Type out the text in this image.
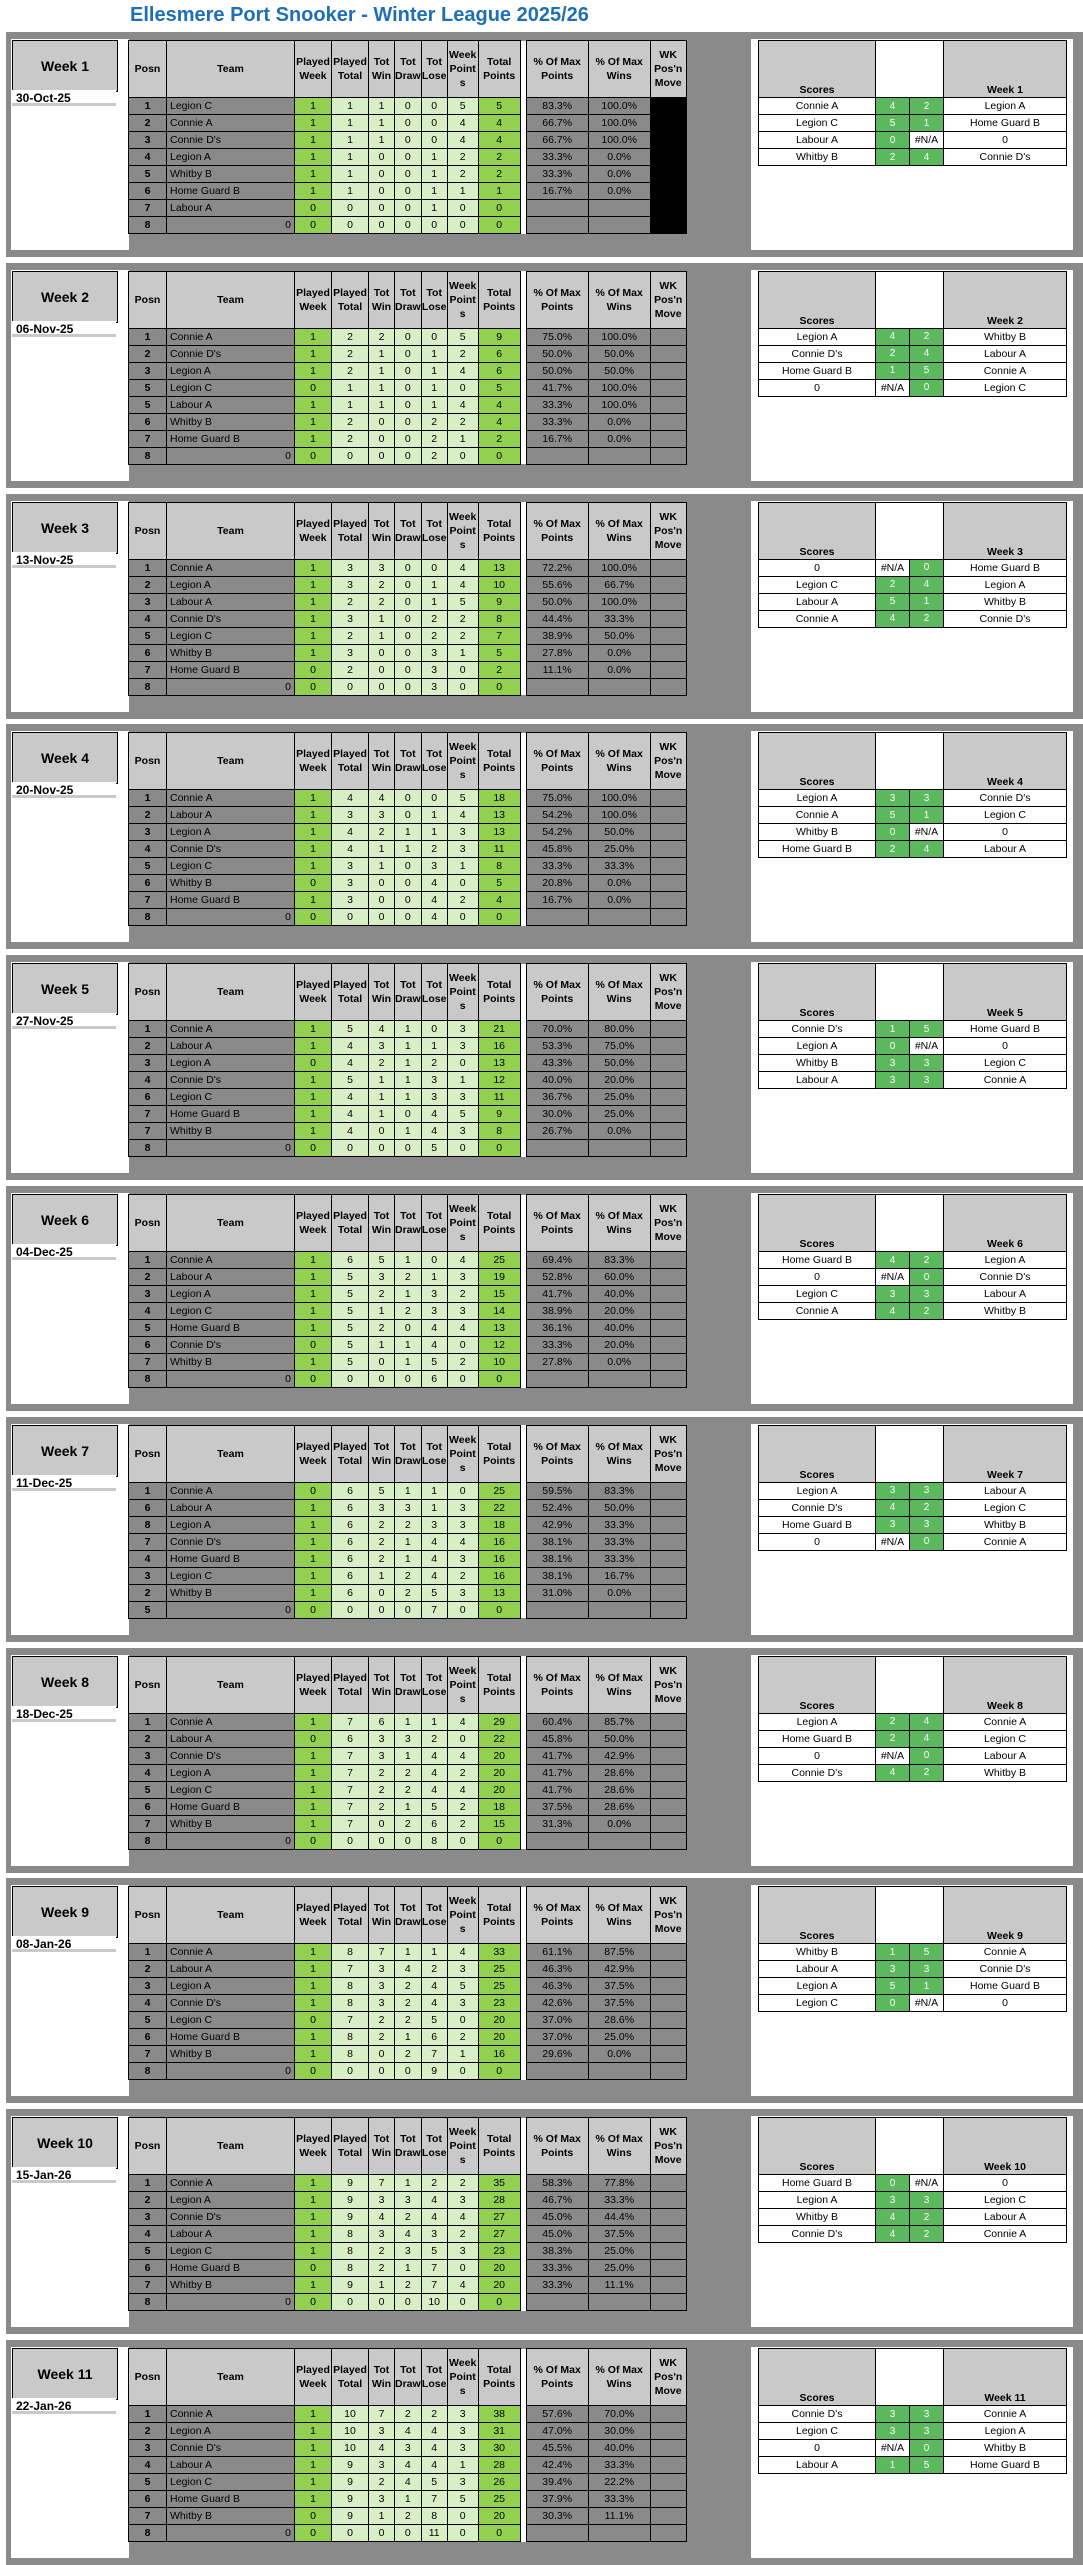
Ellesmere Port Snooker - Winter League 2025/26
Week 1
30-Oct-25
Posn	Team	Played Week	Played Total	Tot Win	Tot Draw	Tot Lose	Week Point s	Total Points		% Of Max Points	% Of Max Wins	WK Pos'n Move
1	Legion C	1	1	1	0	0	5	5		83.3%	100.0%	
2	Connie A	1	1	1	0	0	4	4		66.7%	100.0%	
3	Connie D's	1	1	1	0	0	4	4		66.7%	100.0%	
4	Legion A	1	1	0	0	1	2	2		33.3%	0.0%	
5	Whitby B	1	1	0	0	1	2	2		33.3%	0.0%	
6	Home Guard B	1	1	0	0	1	1	1		16.7%	0.0%	
7	Labour A	0	0	0	0	1	0	0				
8	0	0	0	0	0	0	0	0				
Scores			Week 1
Connie A	4	2	Legion A
Legion C	5	1	Home Guard B
Labour A	0	#N/A	0
Whitby B	2	4	Connie D's
Week 2
06-Nov-25
Posn	Team	Played Week	Played Total	Tot Win	Tot Draw	Tot Lose	Week Point s	Total Points		% Of Max Points	% Of Max Wins	WK Pos'n Move
1	Connie A	1	2	2	0	0	5	9		75.0%	100.0%	
2	Connie D's	1	2	1	0	1	2	6		50.0%	50.0%	
3	Legion A	1	2	1	0	1	4	6		50.0%	50.0%	
5	Legion C	0	1	1	0	1	0	5		41.7%	100.0%	
5	Labour A	1	1	1	0	1	4	4		33.3%	100.0%	
6	Whitby B	1	2	0	0	2	2	4		33.3%	0.0%	
7	Home Guard B	1	2	0	0	2	1	2		16.7%	0.0%	
8	0	0	0	0	0	2	0	0				
Scores			Week 2
Legion A	4	2	Whitby B
Connie D's	2	4	Labour A
Home Guard B	1	5	Connie A
0	#N/A	0	Legion C
Week 3
13-Nov-25
Posn	Team	Played Week	Played Total	Tot Win	Tot Draw	Tot Lose	Week Point s	Total Points		% Of Max Points	% Of Max Wins	WK Pos'n Move
1	Connie A	1	3	3	0	0	4	13		72.2%	100.0%	
2	Legion A	1	3	2	0	1	4	10		55.6%	66.7%	
3	Labour A	1	2	2	0	1	5	9		50.0%	100.0%	
4	Connie D's	1	3	1	0	2	2	8		44.4%	33.3%	
5	Legion C	1	2	1	0	2	2	7		38.9%	50.0%	
6	Whitby B	1	3	0	0	3	1	5		27.8%	0.0%	
7	Home Guard B	0	2	0	0	3	0	2		11.1%	0.0%	
8	0	0	0	0	0	3	0	0				
Scores			Week 3
0	#N/A	0	Home Guard B
Legion C	2	4	Legion A
Labour A	5	1	Whitby B
Connie A	4	2	Connie D's
Week 4
20-Nov-25
Posn	Team	Played Week	Played Total	Tot Win	Tot Draw	Tot Lose	Week Point s	Total Points		% Of Max Points	% Of Max Wins	WK Pos'n Move
1	Connie A	1	4	4	0	0	5	18		75.0%	100.0%	
2	Labour A	1	3	3	0	1	4	13		54.2%	100.0%	
3	Legion A	1	4	2	1	1	3	13		54.2%	50.0%	
4	Connie D's	1	4	1	1	2	3	11		45.8%	25.0%	
5	Legion C	1	3	1	0	3	1	8		33.3%	33.3%	
6	Whitby B	0	3	0	0	4	0	5		20.8%	0.0%	
7	Home Guard B	1	3	0	0	4	2	4		16.7%	0.0%	
8	0	0	0	0	0	4	0	0				
Scores			Week 4
Legion A	3	3	Connie D's
Connie A	5	1	Legion C
Whitby B	0	#N/A	0
Home Guard B	2	4	Labour A
Week 5
27-Nov-25
Posn	Team	Played Week	Played Total	Tot Win	Tot Draw	Tot Lose	Week Point s	Total Points		% Of Max Points	% Of Max Wins	WK Pos'n Move
1	Connie A	1	5	4	1	0	3	21		70.0%	80.0%	
2	Labour A	1	4	3	1	1	3	16		53.3%	75.0%	
3	Legion A	0	4	2	1	2	0	13		43.3%	50.0%	
4	Connie D's	1	5	1	1	3	1	12		40.0%	20.0%	
6	Legion C	1	4	1	1	3	3	11		36.7%	25.0%	
7	Home Guard B	1	4	1	0	4	5	9		30.0%	25.0%	
7	Whitby B	1	4	0	1	4	3	8		26.7%	0.0%	
8	0	0	0	0	0	5	0	0				
Scores			Week 5
Connie D's	1	5	Home Guard B
Legion A	0	#N/A	0
Whitby B	3	3	Legion C
Labour A	3	3	Connie A
Week 6
04-Dec-25
Posn	Team	Played Week	Played Total	Tot Win	Tot Draw	Tot Lose	Week Point s	Total Points		% Of Max Points	% Of Max Wins	WK Pos'n Move
1	Connie A	1	6	5	1	0	4	25		69.4%	83.3%	
2	Labour A	1	5	3	2	1	3	19		52.8%	60.0%	
3	Legion A	1	5	2	1	3	2	15		41.7%	40.0%	
4	Legion C	1	5	1	2	3	3	14		38.9%	20.0%	
5	Home Guard B	1	5	2	0	4	4	13		36.1%	40.0%	
6	Connie D's	0	5	1	1	4	0	12		33.3%	20.0%	
7	Whitby B	1	5	0	1	5	2	10		27.8%	0.0%	
8	0	0	0	0	0	6	0	0				
Scores			Week 6
Home Guard B	4	2	Legion A
0	#N/A	0	Connie D's
Legion C	3	3	Labour A
Connie A	4	2	Whitby B
Week 7
11-Dec-25
Posn	Team	Played Week	Played Total	Tot Win	Tot Draw	Tot Lose	Week Point s	Total Points		% Of Max Points	% Of Max Wins	WK Pos'n Move
1	Connie A	0	6	5	1	1	0	25		59.5%	83.3%	
6	Labour A	1	6	3	3	1	3	22		52.4%	50.0%	
8	Legion A	1	6	2	2	3	3	18		42.9%	33.3%	
7	Connie D's	1	6	2	1	4	4	16		38.1%	33.3%	
4	Home Guard B	1	6	2	1	4	3	16		38.1%	33.3%	
3	Legion C	1	6	1	2	4	2	16		38.1%	16.7%	
2	Whitby B	1	6	0	2	5	3	13		31.0%	0.0%	
5	0	0	0	0	0	7	0	0				
Scores			Week 7
Legion A	3	3	Labour A
Connie D's	4	2	Legion C
Home Guard B	3	3	Whitby B
0	#N/A	0	Connie A
Week 8
18-Dec-25
Posn	Team	Played Week	Played Total	Tot Win	Tot Draw	Tot Lose	Week Point s	Total Points		% Of Max Points	% Of Max Wins	WK Pos'n Move
1	Connie A	1	7	6	1	1	4	29		60.4%	85.7%	
2	Labour A	0	6	3	3	2	0	22		45.8%	50.0%	
3	Connie D's	1	7	3	1	4	4	20		41.7%	42.9%	
4	Legion A	1	7	2	2	4	2	20		41.7%	28.6%	
5	Legion C	1	7	2	2	4	4	20		41.7%	28.6%	
6	Home Guard B	1	7	2	1	5	2	18		37.5%	28.6%	
7	Whitby B	1	7	0	2	6	2	15		31.3%	0.0%	
8	0	0	0	0	0	8	0	0				
Scores			Week 8
Legion A	2	4	Connie A
Home Guard B	2	4	Legion C
0	#N/A	0	Labour A
Connie D's	4	2	Whitby B
Week 9
08-Jan-26
Posn	Team	Played Week	Played Total	Tot Win	Tot Draw	Tot Lose	Week Point s	Total Points		% Of Max Points	% Of Max Wins	WK Pos'n Move
1	Connie A	1	8	7	1	1	4	33		61.1%	87.5%	
2	Labour A	1	7	3	4	2	3	25		46.3%	42.9%	
3	Legion A	1	8	3	2	4	5	25		46.3%	37.5%	
4	Connie D's	1	8	3	2	4	3	23		42.6%	37.5%	
5	Legion C	0	7	2	2	5	0	20		37.0%	28.6%	
6	Home Guard B	1	8	2	1	6	2	20		37.0%	25.0%	
7	Whitby B	1	8	0	2	7	1	16		29.6%	0.0%	
8	0	0	0	0	0	9	0	0				
Scores			Week 9
Whitby B	1	5	Connie A
Labour A	3	3	Connie D's
Legion A	5	1	Home Guard B
Legion C	0	#N/A	0
Week 10
15-Jan-26
Posn	Team	Played Week	Played Total	Tot Win	Tot Draw	Tot Lose	Week Point s	Total Points		% Of Max Points	% Of Max Wins	WK Pos'n Move
1	Connie A	1	9	7	1	2	2	35		58.3%	77.8%	
2	Legion A	1	9	3	3	4	3	28		46.7%	33.3%	
3	Connie D's	1	9	4	2	4	4	27		45.0%	44.4%	
4	Labour A	1	8	3	4	3	2	27		45.0%	37.5%	
5	Legion C	1	8	2	3	5	3	23		38.3%	25.0%	
6	Home Guard B	0	8	2	1	7	0	20		33.3%	25.0%	
7	Whitby B	1	9	1	2	7	4	20		33.3%	11.1%	
8	0	0	0	0	0	10	0	0				
Scores			Week 10
Home Guard B	0	#N/A	0
Legion A	3	3	Legion C
Whitby B	4	2	Labour A
Connie D's	4	2	Connie A
Week 11
22-Jan-26
Posn	Team	Played Week	Played Total	Tot Win	Tot Draw	Tot Lose	Week Point s	Total Points		% Of Max Points	% Of Max Wins	WK Pos'n Move
1	Connie A	1	10	7	2	2	3	38		57.6%	70.0%	
2	Legion A	1	10	3	4	4	3	31		47.0%	30.0%	
3	Connie D's	1	10	4	3	4	3	30		45.5%	40.0%	
4	Labour A	1	9	3	4	4	1	28		42.4%	33.3%	
5	Legion C	1	9	2	4	5	3	26		39.4%	22.2%	
6	Home Guard B	1	9	3	1	7	5	25		37.9%	33.3%	
7	Whitby B	0	9	1	2	8	0	20		30.3%	11.1%	
8	0	0	0	0	0	11	0	0				
Scores			Week 11
Connie D's	3	3	Connie A
Legion C	3	3	Legion A
0	#N/A	0	Whitby B
Labour A	1	5	Home Guard B
